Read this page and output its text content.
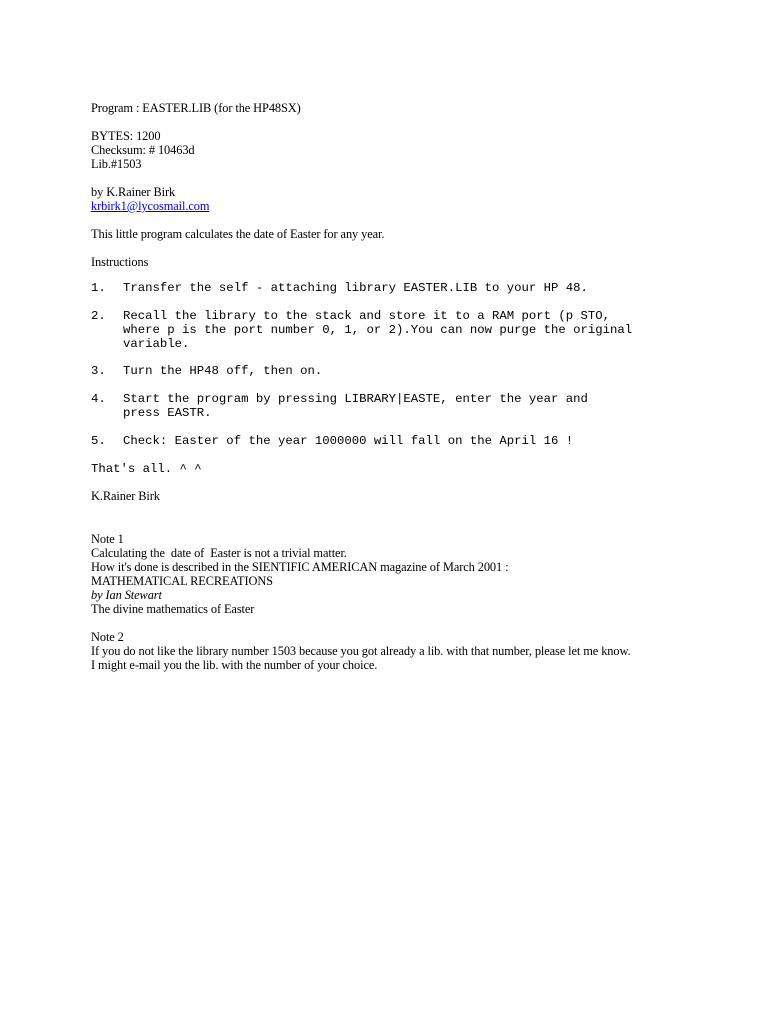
Program : EASTER.LIB (for the HP48SX)
BYTES: 1200
Checksum: # 10463d
Lib.#1503
by K.Rainer Birk
krbirk1@lycosmail.com
This little program calculates the date of Easter for any year.
Instructions

1.

Transfer the self - attaching library EASTER.LIB to your HP 48.

2.

Recall the library to the stack and store it to a RAM port (p STO,

where p is the port number 0, 1, or 2).You can now purge the original

variable.

3.

Turn the HP48 off, then on.

4.

Start the program by pressing LIBRARY|EASTE, enter the year and

press EASTR.

5.

Check: Easter of the year 1000000 will fall on the April 16 !

That's all. ^ ^
K.Rainer Birk
Note 1
Calculating the  date of  Easter is not a trivial matter.
How it's done is described in the SIENTIFIC AMERICAN magazine of March 2001 :
MATHEMATICAL RECREATIONS
by Ian Stewart
The divine mathematics of Easter
Note 2
If you do not like the library number 1503 because you got already a lib. with that number, please let me know.
I might e-mail you the lib. with the number of your choice.
